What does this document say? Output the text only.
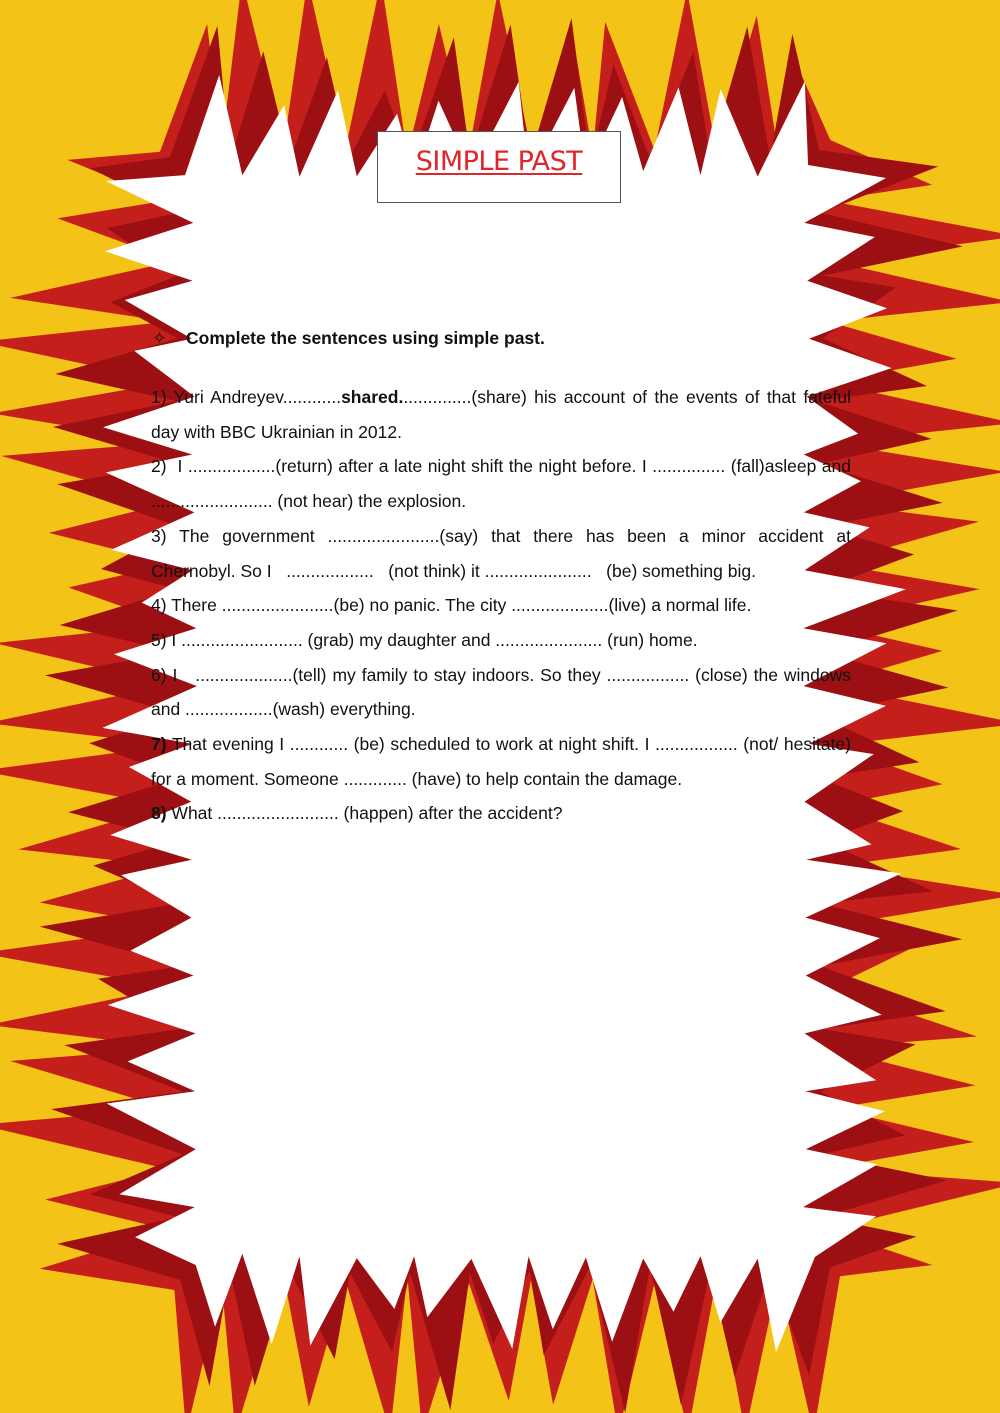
SIMPLE PAST
✧ Complete the sentences using simple past.

1) Yuri Andreyev............shared...............(share) his account of the events of that fateful day with BBC Ukrainian in 2012.

2)  I ..................(return) after a late night shift the night before. I ............... (fall)asleep and ......................... (not hear) the explosion.

3) The government .......................(say) that there has been a minor accident at Chernobyl. So I   ..................   (not think) it ......................   (be) something big.

4) There .......................(be) no panic. The city ....................(live) a normal life.

5) I ......................... (grab) my daughter and ...................... (run) home.

6) I   ....................(tell) my family to stay indoors. So they ................. (close) the windows and ..................(wash) everything.

7) That evening I ............ (be) scheduled to work at night shift. I ................. (not/ hesitate) for a moment. Someone ............. (have) to help contain the damage.

8) What ......................... (happen) after the accident?
